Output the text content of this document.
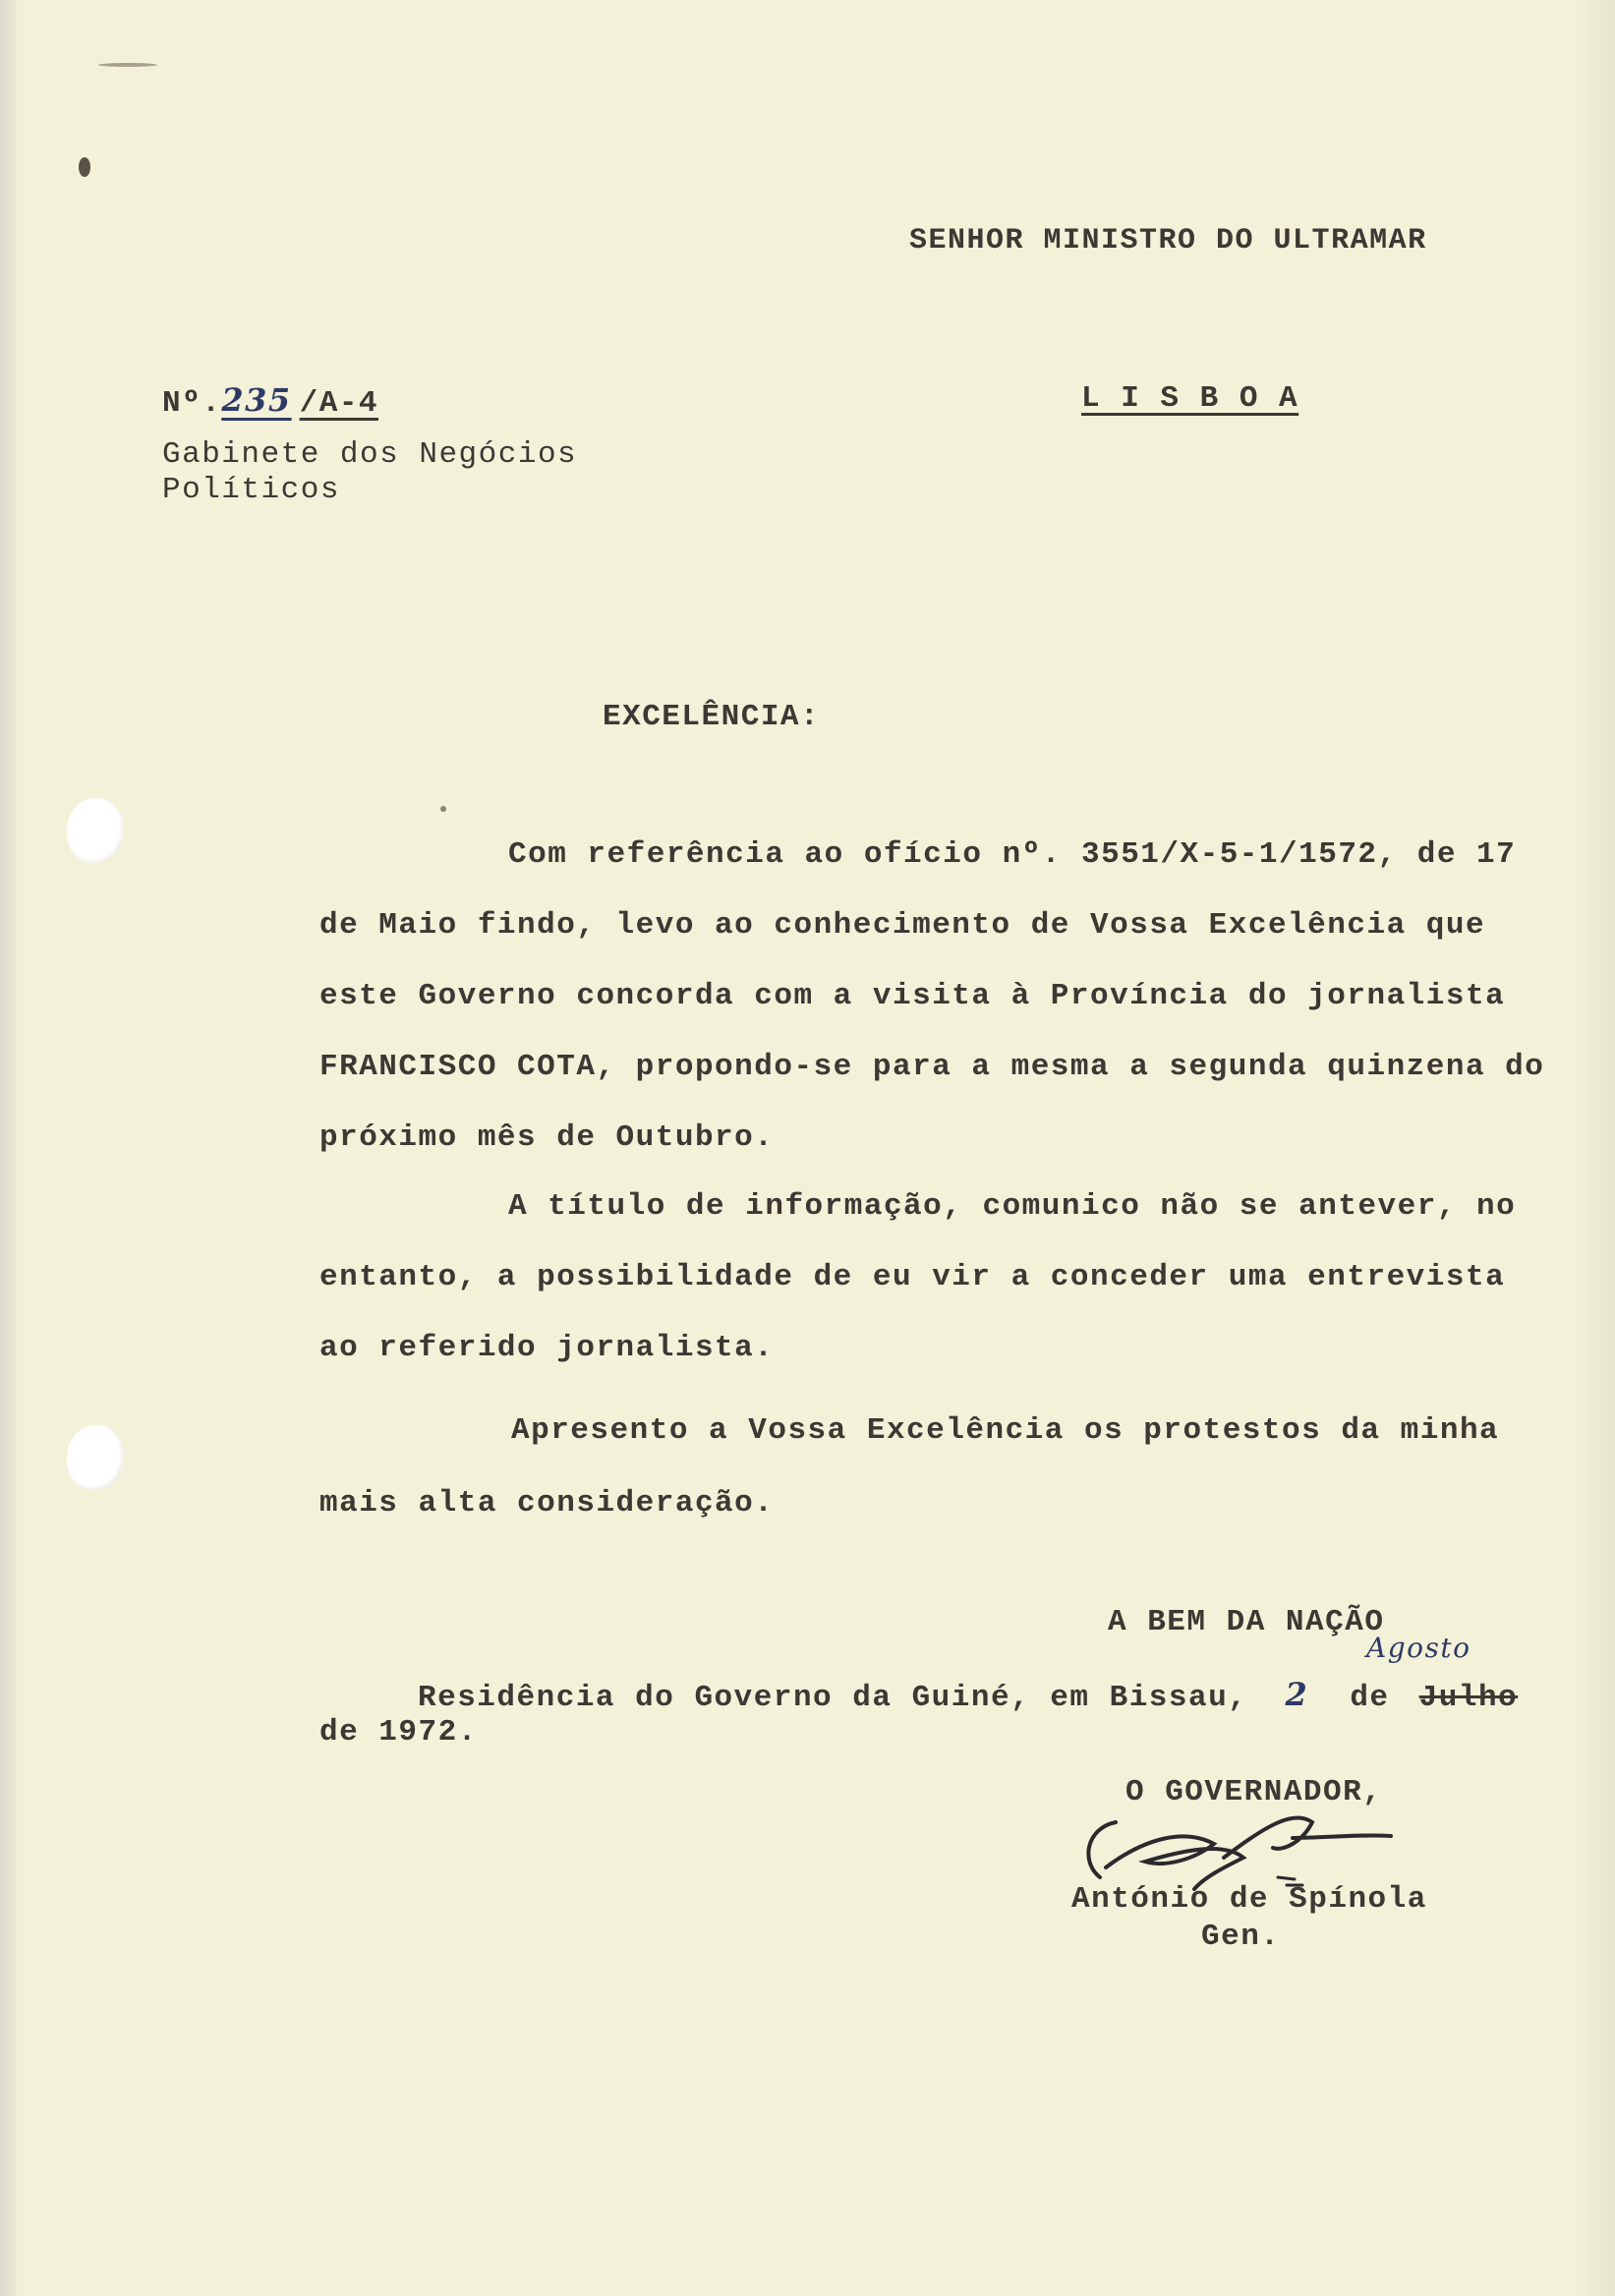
SENHOR MINISTRO DO ULTRAMAR
Nº.235 /A-4	L I S B O A
Gabinete dos Negócios
Políticos
EXCELÊNCIA:
Com referência ao ofício nº. 3551/X-5-1/1572, de 17
de Maio findo, levo ao conhecimento de Vossa Excelência que
este Governo concorda com a visita à Província do jornalista
FRANCISCO COTA, propondo-se para a mesma a segunda quinzena do
próximo mês de Outubro.
A título de informação, comunico não se antever, no
entanto, a possibilidade de eu vir a conceder uma entrevista
ao referido jornalista.
Apresento a Vossa Excelência os protestos da minha
mais alta consideração.
A BEM DA NAÇÃO
Agosto
Residência do Governo da Guiné, em Bissau, 2 de Julho
de 1972.
O GOVERNADOR,
António de Spínola
Gen.
